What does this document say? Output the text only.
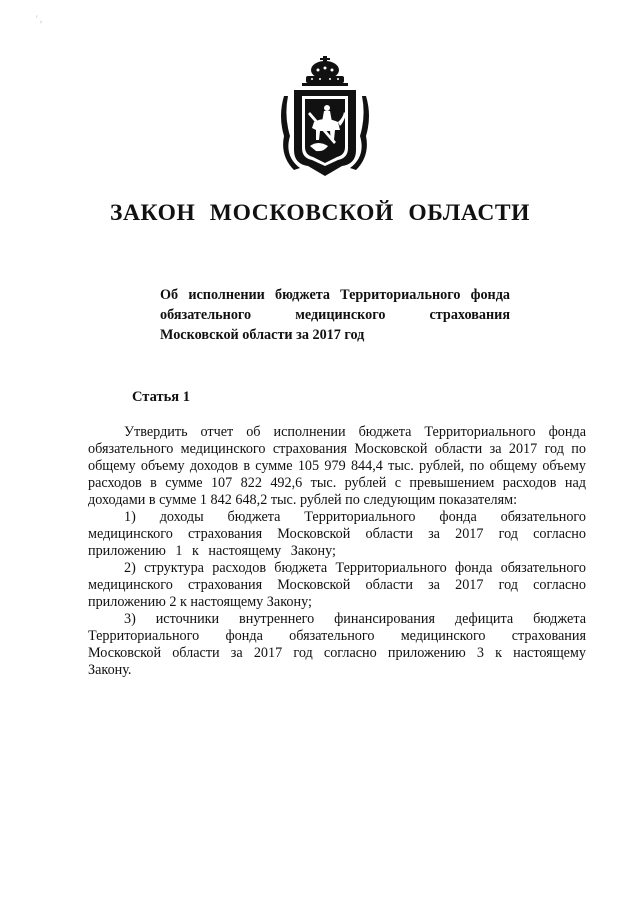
' ,
ЗАКОН МОСКОВСКОЙ ОБЛАСТИ
Об исполнении бюджета Территориального фонда
обязательного медицинского страхования
Московской области за 2017 год
Статья 1

Утвердить отчет об исполнении бюджета Территориального фонда обязательного медицинского страхования Московской области за 2017 год по общему объему доходов в сумме 105 979 844,4 тыс. рублей, по общему объему расходов в сумме 107 822 492,6 тыс. рублей с превышением расходов над доходами в сумме 1 842 648,2 тыс. рублей по следующим показателям:

1) доходы бюджета Территориального фонда обязательного медицинского страхования Московской области за 2017 год согласно приложению 1 к настоящему Закону;

2) структура расходов бюджета Территориального фонда обязательного медицинского страхования Московской области за 2017 год согласно приложению 2 к настоящему Закону;

3) источники внутреннего финансирования дефицита бюджета Территориального фонда обязательного медицинского страхования Московской области за 2017 год согласно приложению 3 к настоящему Закону.
